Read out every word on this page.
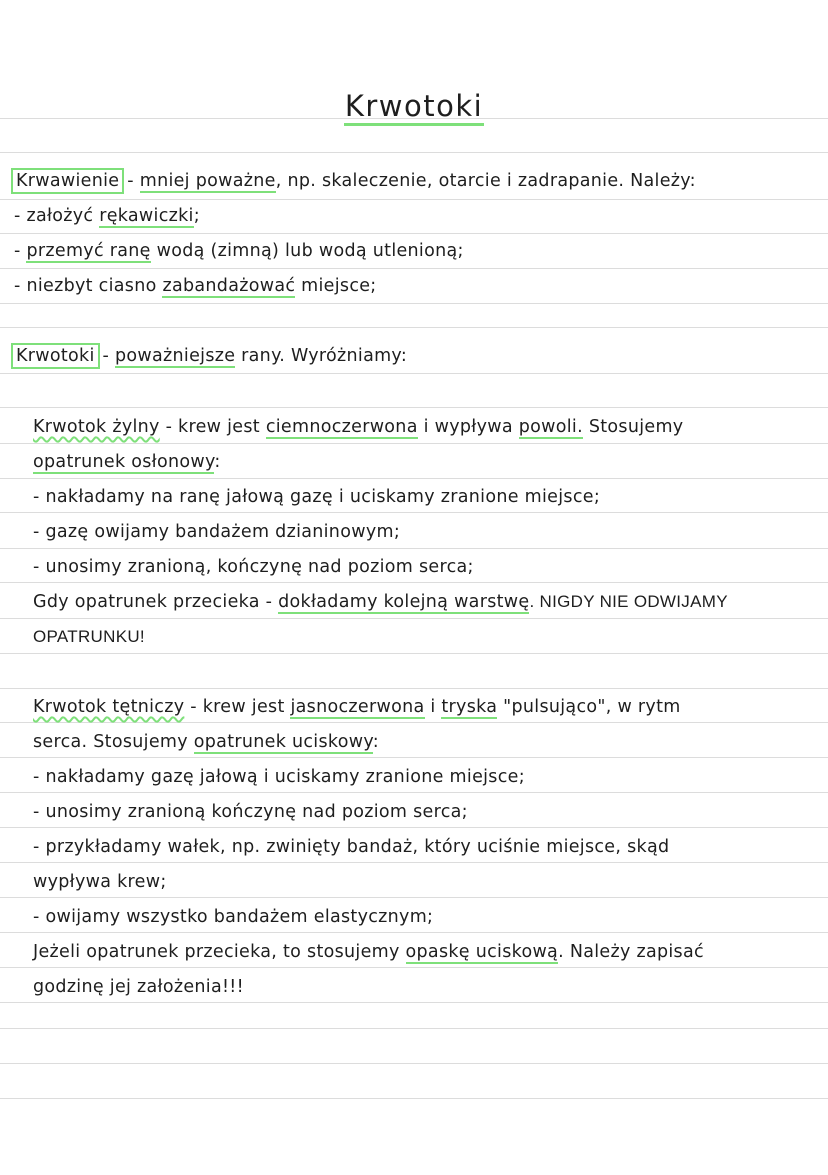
Krwotoki
Krwawienie - mniej poważne, np. skaleczenie, otarcie i zadrapanie. Należy:
- założyć rękawiczki;
- przemyć ranę wodą (zimną) lub wodą utlenioną;
- niezbyt ciasno zabandażować miejsce;
Krwotoki - poważniejsze rany. Wyróżniamy:
Krwotok żylny - krew jest ciemnoczerwona i wypływa powoli. Stosujemy
opatrunek osłonowy:
- nakładamy na ranę jałową gazę i uciskamy zranione miejsce;
- gazę owijamy bandażem dzianinowym;
- unosimy zranioną, kończynę nad poziom serca;
Gdy opatrunek przecieka - dokładamy kolejną warstwę. NIGDY NIE ODWIJAMY
OPATRUNKU!
Krwotok tętniczy - krew jest jasnoczerwona i tryska "pulsująco", w rytm
serca. Stosujemy opatrunek uciskowy:
- nakładamy gazę jałową i uciskamy zranione miejsce;
- unosimy zranioną kończynę nad poziom serca;
- przykładamy wałek, np. zwinięty bandaż, który uciśnie miejsce, skąd
wypływa krew;
- owijamy wszystko bandażem elastycznym;
Jeżeli opatrunek przecieka, to stosujemy opaskę uciskową. Należy zapisać
godzinę jej założenia!!!
